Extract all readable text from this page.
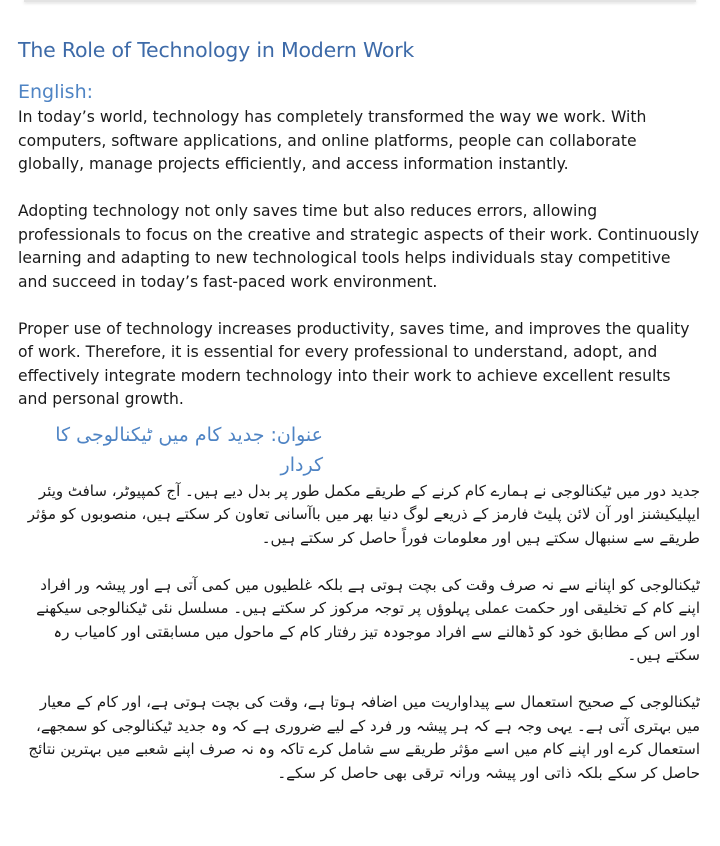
The Role of Technology in Modern Work
English:

In today’s world, technology has completely transformed the way we work. With computers, software applications, and online platforms, people can collaborate globally, manage projects efficiently, and access information instantly.

Adopting technology not only saves time but also reduces errors, allowing professionals to focus on the creative and strategic aspects of their work. Continuously learning and adapting to new technological tools helps individuals stay competitive and succeed in today’s fast-paced work environment.

Proper use of technology increases productivity, saves time, and improves the quality of work. Therefore, it is essential for every professional to understand, adopt, and effectively integrate modern technology into their work to achieve excellent results and personal growth.

عنوان: جدید کام میں ٹیکنالوجی کا کردار

جدید دور میں ٹیکنالوجی نے ہمارے کام کرنے کے طریقے مکمل طور پر بدل دیے ہیں۔ آج کمپیوٹر، سافٹ ویئر ایپلیکیشنز اور آن لائن پلیٹ فارمز کے ذریعے لوگ دنیا بھر میں باآسانی تعاون کر سکتے ہیں، منصوبوں کو مؤثر طریقے سے سنبھال سکتے ہیں اور معلومات فوراً حاصل کر سکتے ہیں۔

ٹیکنالوجی کو اپنانے سے نہ صرف وقت کی بچت ہوتی ہے بلکہ غلطیوں میں کمی آتی ہے اور پیشہ ور افراد اپنے کام کے تخلیقی اور حکمت عملی پہلوؤں پر توجہ مرکوز کر سکتے ہیں۔ مسلسل نئی ٹیکنالوجی سیکھنے اور اس کے مطابق خود کو ڈھالنے سے افراد موجودہ تیز رفتار کام کے ماحول میں مسابقتی اور کامیاب رہ سکتے ہیں۔

ٹیکنالوجی کے صحیح استعمال سے پیداواریت میں اضافہ ہوتا ہے، وقت کی بچت ہوتی ہے، اور کام کے معیار میں بہتری آتی ہے۔ یہی وجہ ہے کہ ہر پیشہ ور فرد کے لیے ضروری ہے کہ وہ جدید ٹیکنالوجی کو سمجھے، استعمال کرے اور اپنے کام میں اسے مؤثر طریقے سے شامل کرے تاکہ وہ نہ صرف اپنے شعبے میں بہترین نتائج حاصل کر سکے بلکہ ذاتی اور پیشہ ورانہ ترقی بھی حاصل کر سکے۔
